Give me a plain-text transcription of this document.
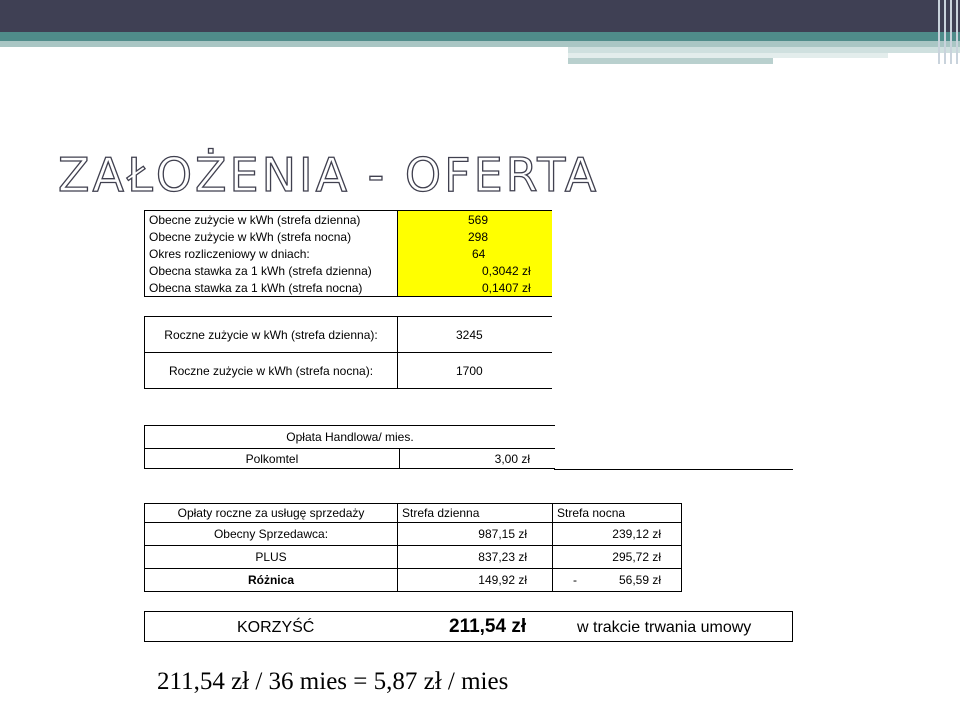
ZAŁOŻENIA - OFERTA
Obecne zużycie w kWh (strefa dzienna)	569
Obecne zużycie w kWh (strefa nocna)	298
Okres rozliczeniowy w dniach:	64
Obecna stawka za 1 kWh (strefa dzienna)	0,3042 zł
Obecna stawka za 1 kWh (strefa nocna)	0,1407 zł
Roczne zużycie w kWh (strefa dzienna):	3245
Roczne zużycie w kWh (strefa nocna):	1700
Opłata Handlowa/ mies.
Polkomtel	3,00 zł
Opłaty roczne za usługę sprzedaży	Strefa dzienna	Strefa nocna
Obecny Sprzedawca:	987,15 zł	239,12 zł
PLUS	837,23 zł	295,72 zł
Różnica	149,92 zł	- 56,59 zł
KORZYŚĆ	211,54 zł	w trakcie trwania umowy
211,54 zł / 36 mies = 5,87 zł / mies
